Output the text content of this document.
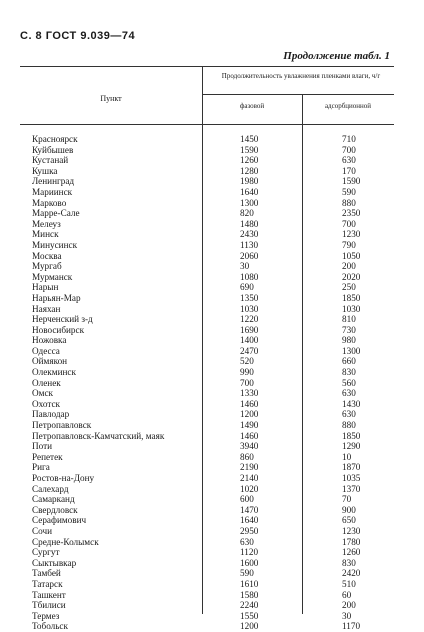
С. 8 ГОСТ 9.039—74
Продолжение табл. 1
Пункт
Продолжительность увлажнения пленками влаги, ч/г
фазовой	адсорбционной
Красноярск	1450	710
Куйбышев	1590	700
Кустанай	1260	630
Кушка	1280	170
Ленинград	1980	1590
Мариинск	1640	590
Марково	1300	880
Марре-Сале	820	2350
Мелеуз	1480	700
Минск	2430	1230
Минусинск	1130	790
Москва	2060	1050
Мургаб	30	200
Мурманск	1080	2020
Нарын	690	250
Нарьян-Мар	1350	1850
Наяхан	1030	1030
Нерченский з-д	1220	810
Новосибирск	1690	730
Ножовка	1400	980
Одесса	2470	1300
Оймякон	520	660
Олекминск	990	830
Оленек	700	560
Омск	1330	630
Охотск	1460	1430
Павлодар	1200	630
Петропавловск	1490	880
Петропавловск-Камчатский, маяк	1460	1850
Поти	3940	1290
Репетек	860	10
Рига	2190	1870
Ростов-на-Дону	2140	1035
Салехард	1020	1370
Самарканд	600	70
Свердловск	1470	900
Серафимович	1640	650
Сочи	2950	1230
Средне-Колымск	630	1780
Сургут	1120	1260
Сыктывкар	1600	830
Тамбей	590	2420
Татарск	1610	510
Ташкент	1580	60
Тбилиси	2240	200
Термез	1550	30
Тобольск	1200	1170
